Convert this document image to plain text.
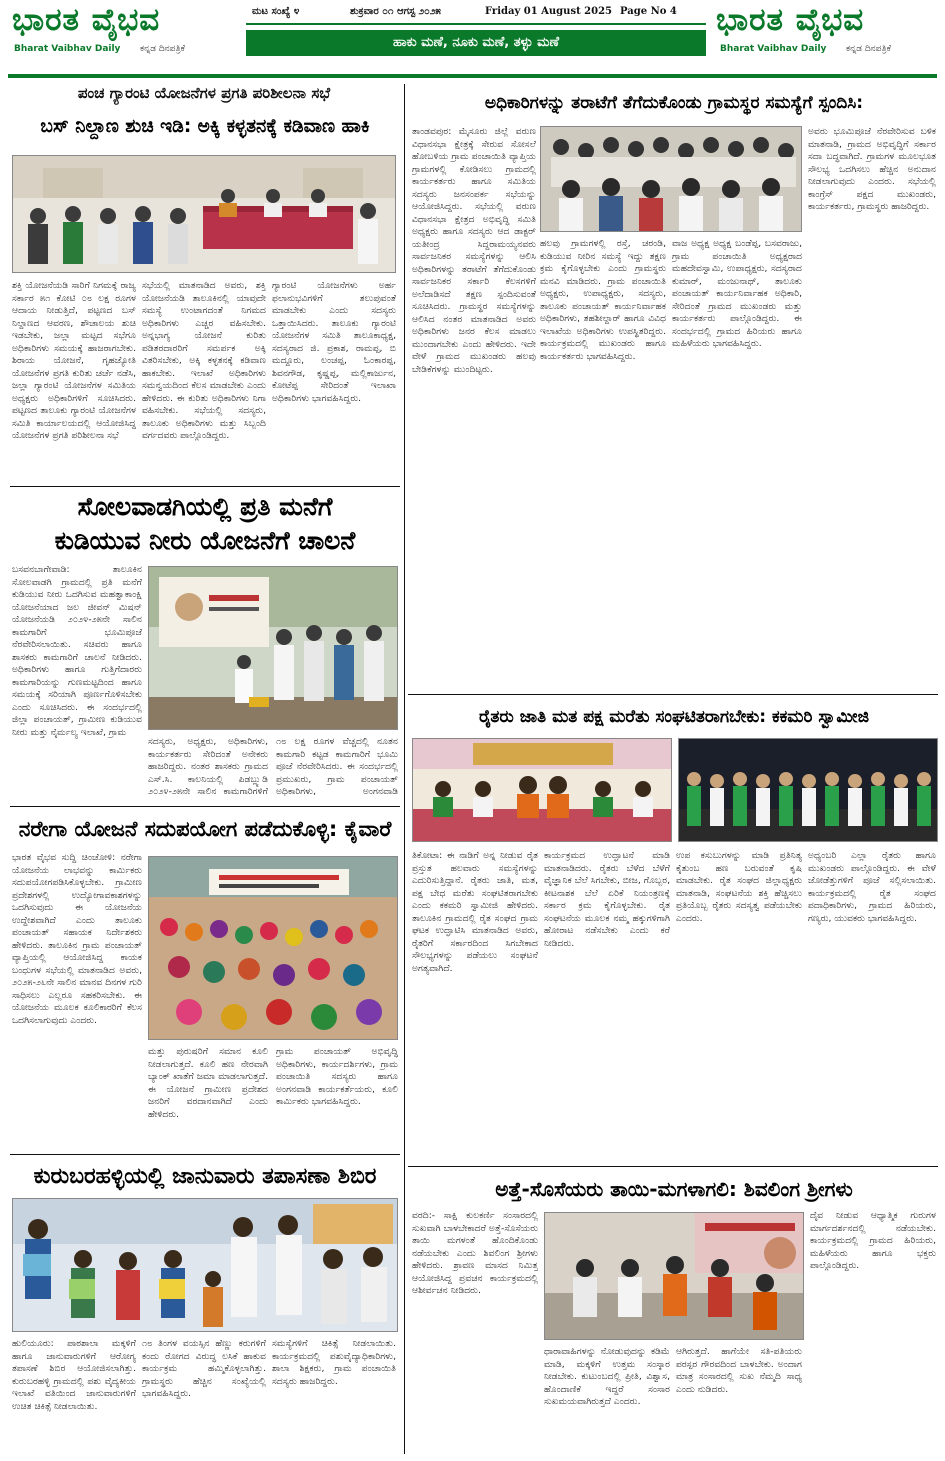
ಭಾರತ ವೈಭವ
Bharat Vaibhav Daily ಕನ್ನಡ ದಿನಪತ್ರಿಕೆ
ಮಟ ಸಂಖ್ಯೆ ೪	ಶುಕ್ರವಾರ ೦೧ ಆಗಸ್ಟ ೨೦೨೫	Friday 01 August 2025 Page No 4
ಹಾಕು ಮಣೆ, ನೂಕು ಮಣೆ, ತಳ್ಳು ಮಣೆ
ಭಾರತ ವೈಭವ
Bharat Vaibhav Daily ಕನ್ನಡ ದಿನಪತ್ರಿಕೆ
ಪಂಚ ಗ್ಯಾರಂಟಿ ಯೋಜನೆಗಳ ಪ್ರಗತಿ ಪರಿಶೀಲನಾ ಸಭೆ
ಬಸ್ ನಿಲ್ದಾಣ ಶುಚಿ ಇಡಿ: ಅಕ್ಕಿ ಕಳ್ಳತನಕ್ಕೆ ಕಡಿವಾಣ ಹಾಕಿ
ಶಕ್ತಿ ಯೋಜನೆಯಡಿ ಸಾರಿಗೆ ನಿಗಮಕ್ಕೆ ರಾಜ್ಯ ಸರ್ಕಾರ ೫೧ ಕೋಟಿ ೦೮ ಲಕ್ಷ ರೂಗಳ ಆದಾಯ ನೀಡುತ್ತಿದೆ, ಪಟ್ಟಣದ ಬಸ್ ನಿಲ್ದಾಣದ ಆವರಣ, ಶೌಚಾಲಯ ಶುಚಿ ಇಡಬೇಕು, ಜಲ್ಲಾ ಮಟ್ಟದ ಸಭೆಗೂ ಅಧಿಕಾರಿಗಳು ಸಮಯಕ್ಕೆ ಹಾಜರಾಗಬೇಕು. ಶಿರಾಯ ಯೋಜನೆ, ಗೃಹಜ್ಯೋತಿ ಯೋಜನೆಗಳ ಪ್ರಗತಿ ಕುರಿತು ಚರ್ಚೆ ನಡೆಸಿ, ಜಲ್ಲಾ ಗ್ಯಾರಂಟಿ ಯೋಜನೆಗಳ ಸಮಿತಿಯ ಅಧ್ಯಕ್ಷರು ಅಧಿಕಾರಿಗಳಿಗೆ ಸೂಚಿಸಿದರು. ಪಟ್ಟಣದ ತಾಲೂಕು ಗ್ಯಾರಂಟಿ ಯೋಜನೆಗಳ ಸಮಿತಿ ಕಾರ್ಯಾಲಯದಲ್ಲಿ ಆಯೋಜಿಸಿದ್ದ ಯೋಜನೆಗಳ ಪ್ರಗತಿ ಪರಿಶೀಲನಾ ಸಭೆ
ಸಭೆಯಲ್ಲಿ ಮಾತನಾಡಿದ ಅವರು, ಶಕ್ತಿ ಯೋಜನೆಯಡಿ ತಾಲೂಕಿನಲ್ಲಿ ಯಾವುದೇ ಸಮಸ್ಯೆ ಉಂಟಾಗದಂತೆ ನಿಗಮದ ಅಧಿಕಾರಿಗಳು ಎಚ್ಚರ ವಹಿಸಬೇಕು. ಅನ್ನಭಾಗ್ಯ ಯೋಜನೆ ಕುರಿತು ಪಡಿತರದಾರರಿಗೆ ಸಮರ್ಪಕ ಅಕ್ಕಿ ವಿತರಿಸಬೇಕು, ಅಕ್ಕಿ ಕಳ್ಳತನಕ್ಕೆ ಕಡಿವಾಣ ಹಾಕಬೇಕು. ಇಲಾಖೆ ಅಧಿಕಾರಿಗಳು ಸಮನ್ವಯದಿಂದ ಕೆಲಸ ಮಾಡಬೇಕು ಎಂದು ಹೇಳಿದರು. ಈ ಕುರಿತು ಅಧಿಕಾರಿಗಳು ನಿಗಾ ವಹಿಸಬೇಕು. ಸಭೆಯಲ್ಲಿ ಸದಸ್ಯರು, ತಾಲೂಕು ಅಧಿಕಾರಿಗಳು ಮತ್ತು ಸಿಬ್ಬಂದಿ ವರ್ಗದವರು ಪಾಲ್ಗೊಂಡಿದ್ದರು.
ಗ್ಯಾರಂಟಿ ಯೋಜನೆಗಳು ಅರ್ಹ ಫಲಾನುಭವಿಗಳಿಗೆ ತಲುಪುವಂತೆ ಮಾಡಬೇಕು ಎಂದು ಸದಸ್ಯರು ಒತ್ತಾಯಿಸಿದರು. ತಾಲೂಕು ಗ್ಯಾರಂಟಿ ಯೋಜನೆಗಳ ಸಮಿತಿ ತಾಲೂಕಾಧ್ಯಕ್ಷ, ಸದಸ್ಯರಾದ ಜಿ. ಪ್ರಕಾಶ, ರಾಮಪ್ಪ, ಬಿ ಮದ್ದೂರು, ಲಂಚಪ್ಪ, ಓಂಕಾರಪ್ಪ, ಶಿವನಗೌಡ, ಕೃಷ್ಣಪ್ಪ, ಮಲ್ಲಿಕಾರ್ಜುನ, ಕೋಟೆಪ್ಪ ಸೇರಿದಂತೆ ಇಲಾಖಾ ಅಧಿಕಾರಿಗಳು ಭಾಗವಹಿಸಿದ್ದರು.
ಸೋಲವಾಡಗಿಯಲ್ಲಿ ಪ್ರತಿ ಮನೆಗೆ
ಕುಡಿಯುವ ನೀರು ಯೋಜನೆಗೆ ಚಾಲನೆ
ಬಸವನಬಾಗೇವಾಡಿ: ತಾಲೂಕಿನ ಸೋಲವಾಡಗಿ ಗ್ರಾಮದಲ್ಲಿ ಪ್ರತಿ ಮನೆಗೆ ಕುಡಿಯುವ ನೀರು ಒದಗಿಸುವ ಮಹತ್ವಾಕಾಂಕ್ಷಿ ಯೋಜನೆಯಾದ ಜಲ ಜೀವನ್ ಮಿಷನ್ ಯೋಜನೆಯಡಿ ೨೦೨೪-೨೫ನೇ ಸಾಲಿನ ಕಾಮಗಾರಿಗೆ ಭೂಮಿಪೂಜೆ ನೆರವೇರಿಸಲಾಯಿತು. ಸಚಿವರು ಹಾಗೂ ಶಾಸಕರು ಕಾಮಗಾರಿಗೆ ಚಾಲನೆ ನೀಡಿದರು. ಅಧಿಕಾರಿಗಳು ಹಾಗೂ ಗುತ್ತಿಗೆದಾರರು ಕಾಮಗಾರಿಯನ್ನು ಗುಣಮಟ್ಟದಿಂದ ಹಾಗೂ ಸಮಯಕ್ಕೆ ಸರಿಯಾಗಿ ಪೂರ್ಣಗೊಳಿಸಬೇಕು ಎಂದು ಸೂಚಿಸಿದರು. ಈ ಸಂದರ್ಭದಲ್ಲಿ ಜಿಲ್ಲಾ ಪಂಚಾಯತ್, ಗ್ರಾಮೀಣ ಕುಡಿಯುವ ನೀರು ಮತ್ತು ನೈರ್ಮಲ್ಯ ಇಲಾಖೆ, ಗ್ರಾಮ
ಸದಸ್ಯರು, ಅಧ್ಯಕ್ಷರು, ಅಧಿಕಾರಿಗಳು, ಕಾರ್ಯಕರ್ತರು ಸೇರಿದಂತೆ ಅನೇಕರು ಹಾಜರಿದ್ದರು. ನಂತರ ಶಾಸಕರು ಗ್ರಾಮದ ಎಸ್.ಸಿ. ಕಾಲನಿಯಲ್ಲಿ ಪಿಡಬ್ಲ್ಯುಡಿ ೨೦೨೪-೨೫ನೇ ಸಾಲಿನ ಕಾಮಗಾರಿಗಳಿಗೆ
೧೮ ಲಕ್ಷ ರೂಗಳ ವೆಚ್ಚದಲ್ಲಿ ನೂತನ ಕಾಮಗಾರಿ ಕಟ್ಟಡ ಕಾಮಗಾರಿಗೆ ಭೂಮಿ ಪೂಜೆ ನೆರವೇರಿಸಿದರು. ಈ ಸಂದರ್ಭದಲ್ಲಿ ಪ್ರಮುಖರು, ಗ್ರಾಮ ಪಂಚಾಯತ್ ಅಧಿಕಾರಿಗಳು, ಅಂಗನವಾಡಿ
ನರೇಗಾ ಯೋಜನೆ ಸದುಪಯೋಗ ಪಡೆದುಕೊಳ್ಳಿ: ಕೈವಾರೆ
ಭಾರತ ವೈಭವ ಸುದ್ದಿ ಚಿಂಚೋಳಿ: ನರೇಗಾ ಯೋಜನೆಯ ಲಾಭವನ್ನು ಕಾರ್ಮಿಕರು ಸದುಪಯೋಗಪಡಿಸಿಕೊಳ್ಳಬೇಕು. ಗ್ರಾಮೀಣ ಪ್ರದೇಶಗಳಲ್ಲಿ ಉದ್ಯೋಗಾವಕಾಶಗಳನ್ನು ಒದಗಿಸುವುದು ಈ ಯೋಜನೆಯ ಉದ್ದೇಶವಾಗಿದೆ ಎಂದು ತಾಲೂಕು ಪಂಚಾಯತ್ ಸಹಾಯಕ ನಿರ್ದೇಶಕರು ಹೇಳಿದರು. ತಾಲೂಕಿನ ಗ್ರಾಮ ಪಂಚಾಯತ್ ವ್ಯಾಪ್ತಿಯಲ್ಲಿ ಆಯೋಜಿಸಿದ್ದ ಕಾಯಕ ಬಂಧುಗಳ ಸಭೆಯಲ್ಲಿ ಮಾತನಾಡಿದ ಅವರು, ೨೦೨೫-೨೬ನೇ ಸಾಲಿನ ಮಾನವ ದಿನಗಳ ಗುರಿ ಸಾಧಿಸಲು ಎಲ್ಲರೂ ಸಹಕರಿಸಬೇಕು. ಈ ಯೋಜನೆಯ ಮೂಲಕ ಕೂಲಿಕಾರರಿಗೆ ಕೆಲಸ ಒದಗಿಸಲಾಗುವುದು ಎಂದರು.
ಮತ್ತು ಪುರುಷರಿಗೆ ಸಮಾನ ಕೂಲಿ ನೀಡಲಾಗುತ್ತದೆ. ಕೂಲಿ ಹಣ ನೇರವಾಗಿ ಬ್ಯಾಂಕ್ ಖಾತೆಗೆ ಜಮಾ ಮಾಡಲಾಗುತ್ತದೆ. ಈ ಯೋಜನೆ ಗ್ರಾಮೀಣ ಪ್ರದೇಶದ ಜನರಿಗೆ ವರದಾನವಾಗಿದೆ ಎಂದು ಹೇಳಿದರು.
ಗ್ರಾಮ ಪಂಚಾಯತ್ ಅಭಿವೃದ್ಧಿ ಅಧಿಕಾರಿಗಳು, ಕಾರ್ಯದರ್ಶಿಗಳು, ಗ್ರಾಮ ಪಂಚಾಯಿತಿ ಸದಸ್ಯರು ಹಾಗೂ ಅಂಗನವಾಡಿ ಕಾರ್ಯಕರ್ತೆಯರು, ಕೂಲಿ ಕಾರ್ಮಿಕರು ಭಾಗವಹಿಸಿದ್ದರು.
ಕುರುಬರಹಳ್ಳಿಯಲ್ಲಿ ಜಾನುವಾರು ತಪಾಸಣಾ ಶಿಬಿರ
ಹುಲಿಯೂರು: ಪಾಠಶಾಲಾ ಮಕ್ಕಳಿಗೆ ಹಾಗೂ ಜಾನುವಾರುಗಳಿಗೆ ಆರೋಗ್ಯ ತಪಾಸಣೆ ಶಿಬಿರ ಆಯೋಜಿಸಲಾಗಿತ್ತು. ಕುರುಬರಹಳ್ಳಿ ಗ್ರಾಮದಲ್ಲಿ ಪಶು ವೈದ್ಯಕೀಯ ಇಲಾಖೆ ವತಿಯಿಂದ ಜಾನುವಾರುಗಳಿಗೆ ಉಚಿತ ಚಿಕಿತ್ಸೆ ನೀಡಲಾಯಿತು.
೧೮ ತಿಂಗಳ ವಯಸ್ಸಿನ ಹೆಣ್ಣು ಕರುಗಳಿಗೆ ಕಂದು ರೋಗದ ವಿರುದ್ಧ ಲಸಿಕೆ ಹಾಕುವ ಕಾರ್ಯಕ್ರಮ ಹಮ್ಮಿಕೊಳ್ಳಲಾಗಿತ್ತು. ಗ್ರಾಮಸ್ಥರು ಹೆಚ್ಚಿನ ಸಂಖ್ಯೆಯಲ್ಲಿ ಭಾಗವಹಿಸಿದ್ದರು.
ಸಮಸ್ಯೆಗಳಿಗೆ ಚಿಕಿತ್ಸೆ ನೀಡಲಾಯಿತು. ಕಾರ್ಯಕ್ರಮದಲ್ಲಿ ಪಶುವೈದ್ಯಾಧಿಕಾರಿಗಳು, ಶಾಲಾ ಶಿಕ್ಷಕರು, ಗ್ರಾಮ ಪಂಚಾಯಿತಿ ಸದಸ್ಯರು ಹಾಜರಿದ್ದರು.
ಅಧಿಕಾರಿಗಳನ್ನು ತರಾಟೆಗೆ ತೆಗೆದುಕೊಂಡು ಗ್ರಾಮಸ್ಥರ ಸಮಸ್ಯೆಗೆ ಸ್ಪಂದಿಸಿ:
ತಾಂಡವಪುರ: ಮೈಸೂರು ಜಿಲ್ಲೆ ವರುಣ ವಿಧಾನಸಭಾ ಕ್ಷೇತ್ರಕ್ಕೆ ಸೇರುವ ಸೋಸಲೆ ಹೋಬಳಿಯ ಗ್ರಾಮ ಪಂಚಾಯಿತಿ ವ್ಯಾಪ್ತಿಯ ಗ್ರಾಮಗಳಲ್ಲಿ ಕೋಡಿಸಲು ಗ್ರಾಮದಲ್ಲಿ ಕಾರ್ಯಕರ್ತರು ಹಾಗೂ ಸಮಿತಿಯ ಸದಸ್ಯರು ಜನಸಂಪರ್ಕ ಸಭೆಯನ್ನು ಆಯೋಜಿಸಿದ್ದರು. ಸಭೆಯಲ್ಲಿ ವರುಣ ವಿಧಾನಸಭಾ ಕ್ಷೇತ್ರದ ಅಭಿವೃದ್ಧಿ ಸಮಿತಿ ಅಧ್ಯಕ್ಷರು ಹಾಗೂ ಸದಸ್ಯರು ಆದ ಡಾಕ್ಟರ್ ಯತೀಂದ್ರ ಸಿದ್ದರಾಮಯ್ಯನವರು ಸಾರ್ವಜನಿಕರ ಸಮಸ್ಯೆಗಳನ್ನು ಆಲಿಸಿ ಅಧಿಕಾರಿಗಳನ್ನು ತರಾಟೆಗೆ ತೆಗೆದುಕೊಂಡು ಸಾರ್ವಜನಿಕರ ಸರ್ಕಾರಿ ಕೆಲಸಗಳಿಗೆ ಅಲೆದಾಡಿಸದೆ ತಕ್ಷಣ ಸ್ಪಂದಿಸುವಂತೆ ಸೂಚಿಸಿದರು. ಗ್ರಾಮಸ್ಥರ ಸಮಸ್ಯೆಗಳನ್ನು ಆಲಿಸಿದ ನಂತರ ಮಾತನಾಡಿದ ಅವರು ಅಧಿಕಾರಿಗಳು ಜನರ ಕೆಲಸ ಮಾಡಲು ಮುಂದಾಗಬೇಕು ಎಂದು ಹೇಳಿದರು. ಇದೇ ವೇಳೆ ಗ್ರಾಮದ ಮುಖಂಡರು ಹಲವು ಬೇಡಿಕೆಗಳನ್ನು ಮುಂದಿಟ್ಟರು.
ಹಲವು ಗ್ರಾಮಗಳಲ್ಲಿ ರಸ್ತೆ, ಚರಂಡಿ, ಕುಡಿಯುವ ನೀರಿನ ಸಮಸ್ಯೆ ಇದ್ದು ತಕ್ಷಣ ಕ್ರಮ ಕೈಗೊಳ್ಳಬೇಕು ಎಂದು ಗ್ರಾಮಸ್ಥರು ಮನವಿ ಮಾಡಿದರು. ಗ್ರಾಮ ಪಂಚಾಯಿತಿ ಅಧ್ಯಕ್ಷರು, ಉಪಾಧ್ಯಕ್ಷರು, ಸದಸ್ಯರು, ತಾಲೂಕು ಪಂಚಾಯತ್ ಕಾರ್ಯನಿರ್ವಾಹಕ ಅಧಿಕಾರಿಗಳು, ತಹಶೀಲ್ದಾರ್ ಹಾಗೂ ವಿವಿಧ ಇಲಾಖೆಯ ಅಧಿಕಾರಿಗಳು ಉಪಸ್ಥಿತರಿದ್ದರು. ಕಾರ್ಯಕ್ರಮದಲ್ಲಿ ಮುಖಂಡರು ಹಾಗೂ ಕಾರ್ಯಕರ್ತರು ಭಾಗವಹಿಸಿದ್ದರು.
ವಾಜ ಅಧ್ಯಕ್ಷ ಅಧ್ಯಕ್ಷ ಬಂಡೆಪ್ಪ, ಬಸವರಾಜು, ಗ್ರಾಮ ಪಂಚಾಯಿತಿ ಅಧ್ಯಕ್ಷರಾದ ಮಹದೇವಸ್ವಾಮಿ, ಉಪಾಧ್ಯಕ್ಷರು, ಸದಸ್ಯರಾದ ಕುಮಾರ್, ಮಂಜುನಾಥ್, ತಾಲೂಕು ಪಂಚಾಯತ್ ಕಾರ್ಯನಿರ್ವಾಹಕ ಅಧಿಕಾರಿ, ಸೇರಿದಂತೆ ಗ್ರಾಮದ ಮುಖಂಡರು ಮತ್ತು ಕಾರ್ಯಕರ್ತರು ಪಾಲ್ಗೊಂಡಿದ್ದರು. ಈ ಸಂದರ್ಭದಲ್ಲಿ ಗ್ರಾಮದ ಹಿರಿಯರು ಹಾಗೂ ಮಹಿಳೆಯರು ಭಾಗವಹಿಸಿದ್ದರು.
ಅವರು ಭೂಮಿಪೂಜೆ ನೆರವೇರಿಸುವ ಬಳಿಕ ಮಾತನಾಡಿ, ಗ್ರಾಮದ ಅಭಿವೃದ್ಧಿಗೆ ಸರ್ಕಾರ ಸದಾ ಬದ್ಧವಾಗಿದೆ. ಗ್ರಾಮಗಳ ಮೂಲಭೂತ ಸೌಲಭ್ಯ ಒದಗಿಸಲು ಹೆಚ್ಚಿನ ಅನುದಾನ ನೀಡಲಾಗುವುದು ಎಂದರು. ಸಭೆಯಲ್ಲಿ ಕಾಂಗ್ರೆಸ್ ಪಕ್ಷದ ಮುಖಂಡರು, ಕಾರ್ಯಕರ್ತರು, ಗ್ರಾಮಸ್ಥರು ಹಾಜರಿದ್ದರು.
ರೈತರು ಜಾತಿ ಮತ ಪಕ್ಷ ಮರೆತು ಸಂಘಟಿತರಾಗಬೇಕು: ಕಕಮರಿ ಸ್ವಾಮೀಜಿ
ತಿಕೋಟಾ: ಈ ನಾಡಿಗೆ ಅನ್ನ ನೀಡುವ ರೈತ ಪ್ರಸ್ತುತ ಹಲವಾರು ಸಮಸ್ಯೆಗಳನ್ನು ಎದುರಿಸುತ್ತಿದ್ದಾನೆ. ರೈತರು ಜಾತಿ, ಮತ, ಪಕ್ಷ ಬೇಧ ಮರೆತು ಸಂಘಟಿತರಾಗಬೇಕು ಎಂದು ಕಕಮರಿ ಸ್ವಾಮೀಜಿ ಹೇಳಿದರು. ತಾಲೂಕಿನ ಗ್ರಾಮದಲ್ಲಿ ರೈತ ಸಂಘದ ಗ್ರಾಮ ಘಟಕ ಉದ್ಘಾಟಿಸಿ ಮಾತನಾಡಿದ ಅವರು, ರೈತರಿಗೆ ಸರ್ಕಾರದಿಂದ ಸಿಗಬೇಕಾದ ಸೌಲಭ್ಯಗಳನ್ನು ಪಡೆಯಲು ಸಂಘಟನೆ ಅಗತ್ಯವಾಗಿದೆ.
ಕಾರ್ಯಕ್ರಮದ ಉದ್ಘಾಟನೆ ಮಾಡಿ ಮಾತನಾಡಿದರು. ರೈತರು ಬೆಳೆದ ಬೆಳೆಗೆ ವೈಜ್ಞಾನಿಕ ಬೆಲೆ ಸಿಗಬೇಕು, ಬೀಜ, ಗೊಬ್ಬರ, ಕೀಟನಾಶಕ ಬೆಲೆ ಏರಿಕೆ ನಿಯಂತ್ರಣಕ್ಕೆ ಸರ್ಕಾರ ಕ್ರಮ ಕೈಗೊಳ್ಳಬೇಕು. ರೈತ ಸಂಘಟನೆಯ ಮೂಲಕ ನಮ್ಮ ಹಕ್ಕುಗಳಿಗಾಗಿ ಹೋರಾಟ ನಡೆಸಬೇಕು ಎಂದು ಕರೆ ನೀಡಿದರು.
ಉಪ ಕಸುಬುಗಳನ್ನು ಮಾಡಿ ಪ್ರತಿನಿತ್ಯ ಕೈತುಂಬ ಹಣ ಬರುವಂತೆ ಕೃಷಿ ಮಾಡಬೇಕು. ರೈತ ಸಂಘದ ಜಿಲ್ಲಾಧ್ಯಕ್ಷರು ಮಾತನಾಡಿ, ಸಂಘಟನೆಯ ಶಕ್ತಿ ಹೆಚ್ಚಿಸಲು ಪ್ರತಿಯೊಬ್ಬ ರೈತರು ಸದಸ್ಯತ್ವ ಪಡೆಯಬೇಕು ಎಂದರು.
ಅಧ್ಯಂಬರಿ ಎಲ್ಲಾ ರೈತರು ಹಾಗೂ ಮುಖಂಡರು ಪಾಲ್ಗೊಂಡಿದ್ದರು. ಈ ವೇಳೆ ಜೋಡೆತ್ತುಗಳಿಗೆ ಪೂಜೆ ಸಲ್ಲಿಸಲಾಯಿತು. ಕಾರ್ಯಕ್ರಮದಲ್ಲಿ ರೈತ ಸಂಘದ ಪದಾಧಿಕಾರಿಗಳು, ಗ್ರಾಮದ ಹಿರಿಯರು, ಗಣ್ಯರು, ಯುವಕರು ಭಾಗವಹಿಸಿದ್ದರು.
ಅತ್ತೆ-ಸೊಸೆಯರು ತಾಯಿ-ಮಗಳಾಗಲಿ: ಶಿವಲಿಂಗ ಶ್ರೀಗಳು
ವರದಿ:- ಸಾಕ್ಷಿ ಕುಲಕರ್ಣಿ ಸಂಸಾರದಲ್ಲಿ ಸುಖವಾಗಿ ಬಾಳಬೇಕಾದರೆ ಅತ್ತೆ-ಸೊಸೆಯರು ತಾಯಿ ಮಗಳಂತೆ ಹೊಂದಿಕೊಂಡು ನಡೆಯಬೇಕು ಎಂದು ಶಿವಲಿಂಗ ಶ್ರೀಗಳು ಹೇಳಿದರು. ಶ್ರಾವಣ ಮಾಸದ ನಿಮಿತ್ತ ಆಯೋಜಿಸಿದ್ದ ಪ್ರವಚನ ಕಾರ್ಯಕ್ರಮದಲ್ಲಿ ಆಶೀರ್ವಚನ ನೀಡಿದರು.
ಧಾರಾವಾಹಿಗಳನ್ನು ನೋಡುವುದನ್ನು ಕಡಿಮೆ ಮಾಡಿ, ಮಕ್ಕಳಿಗೆ ಉತ್ತಮ ಸಂಸ್ಕಾರ ನೀಡಬೇಕು. ಕುಟುಂಬದಲ್ಲಿ ಪ್ರೀತಿ, ವಿಶ್ವಾಸ, ಹೊಂದಾಣಿಕೆ ಇದ್ದರೆ ಸಂಸಾರ ಸುಖಮಯವಾಗಿರುತ್ತದೆ ಎಂದರು.
ಆಗಿರುತ್ತದೆ. ಹಾಗೆಯೇ ಸತಿ-ಪತಿಯರು ಪರಸ್ಪರ ಗೌರವದಿಂದ ಬಾಳಬೇಕು. ಅಂದಾಗ ಮಾತ್ರ ಸಂಸಾರದಲ್ಲಿ ಸುಖ ನೆಮ್ಮದಿ ಸಾಧ್ಯ ಎಂದು ನುಡಿದರು.
ದೈವ ನೀಡುವ ಆಧ್ಯಾತ್ಮಿಕ ಗುರುಗಳ ಮಾರ್ಗದರ್ಶನದಲ್ಲಿ ನಡೆಯಬೇಕು. ಕಾರ್ಯಕ್ರಮದಲ್ಲಿ ಗ್ರಾಮದ ಹಿರಿಯರು, ಮಹಿಳೆಯರು ಹಾಗೂ ಭಕ್ತರು ಪಾಲ್ಗೊಂಡಿದ್ದರು.
